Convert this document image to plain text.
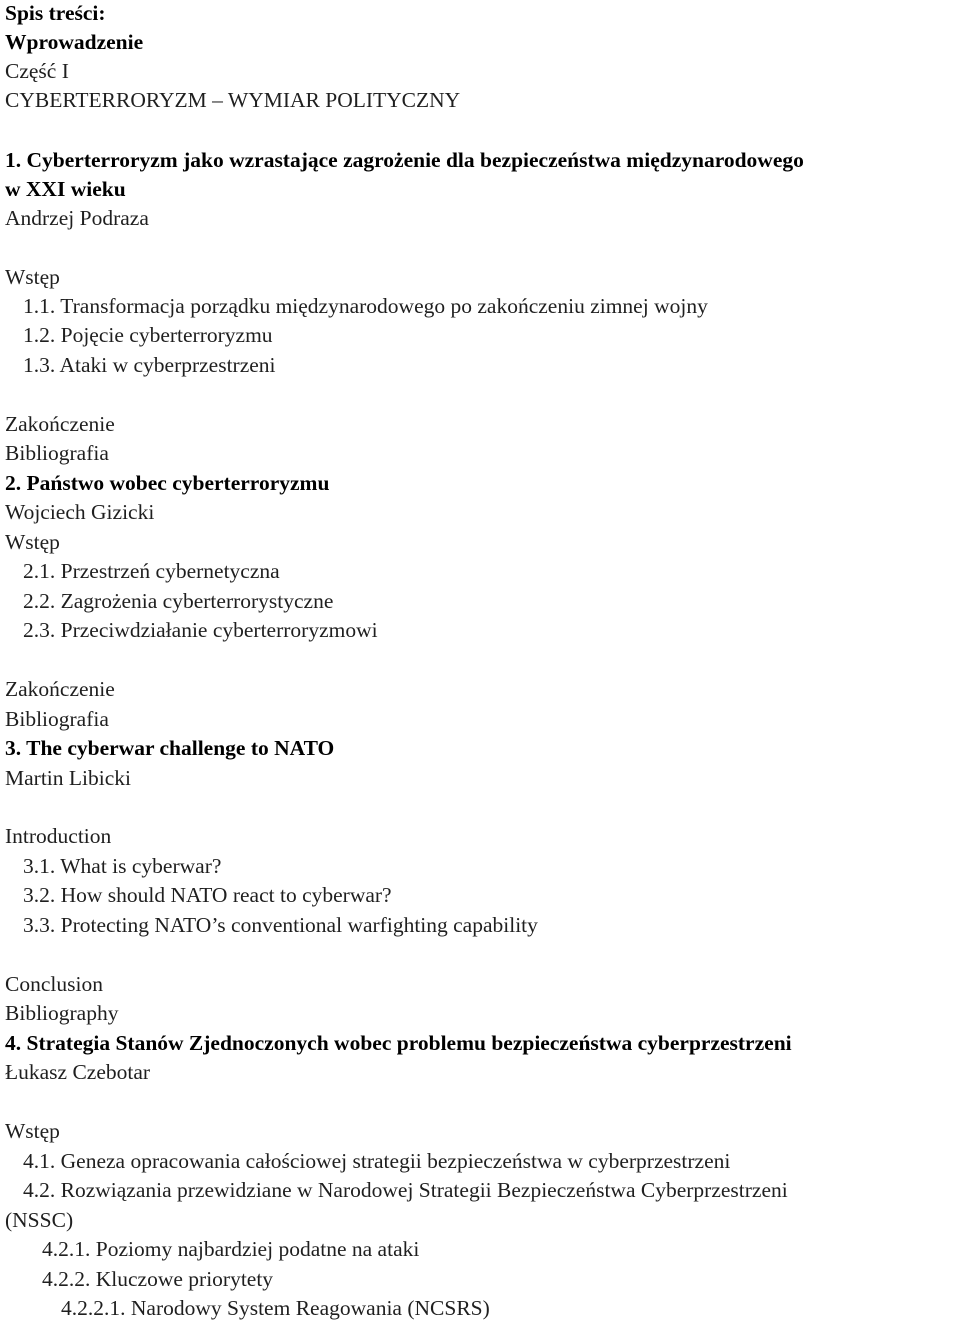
Spis treści:
Wprowadzenie
Część I
CYBERTERRORYZM – WYMIAR POLITYCZNY
1. Cyberterroryzm jako wzrastające zagrożenie dla bezpieczeństwa międzynarodowego
w XXI wieku
Andrzej Podraza
Wstęp
1.1. Transformacja porządku międzynarodowego po zakończeniu zimnej wojny
1.2. Pojęcie cyberterroryzmu
1.3. Ataki w cyberprzestrzeni
Zakończenie
Bibliografia
2. Państwo wobec cyberterroryzmu
Wojciech Gizicki
Wstęp
2.1. Przestrzeń cybernetyczna
2.2. Zagrożenia cyberterrorystyczne
2.3. Przeciwdziałanie cyberterroryzmowi
Zakończenie
Bibliografia
3. The cyberwar challenge to NATO
Martin Libicki
Introduction
3.1. What is cyberwar?
3.2. How should NATO react to cyberwar?
3.3. Protecting NATO’s conventional warfighting capability
Conclusion
Bibliography
4. Strategia Stanów Zjednoczonych wobec problemu bezpieczeństwa cyberprzestrzeni
Łukasz Czebotar
Wstęp
4.1. Geneza opracowania całościowej strategii bezpieczeństwa w cyberprzestrzeni
4.2. Rozwiązania przewidziane w Narodowej Strategii Bezpieczeństwa Cyberprzestrzeni
(NSSC)
4.2.1. Poziomy najbardziej podatne na ataki
4.2.2. Kluczowe priorytety
4.2.2.1. Narodowy System Reagowania (NCSRS)
